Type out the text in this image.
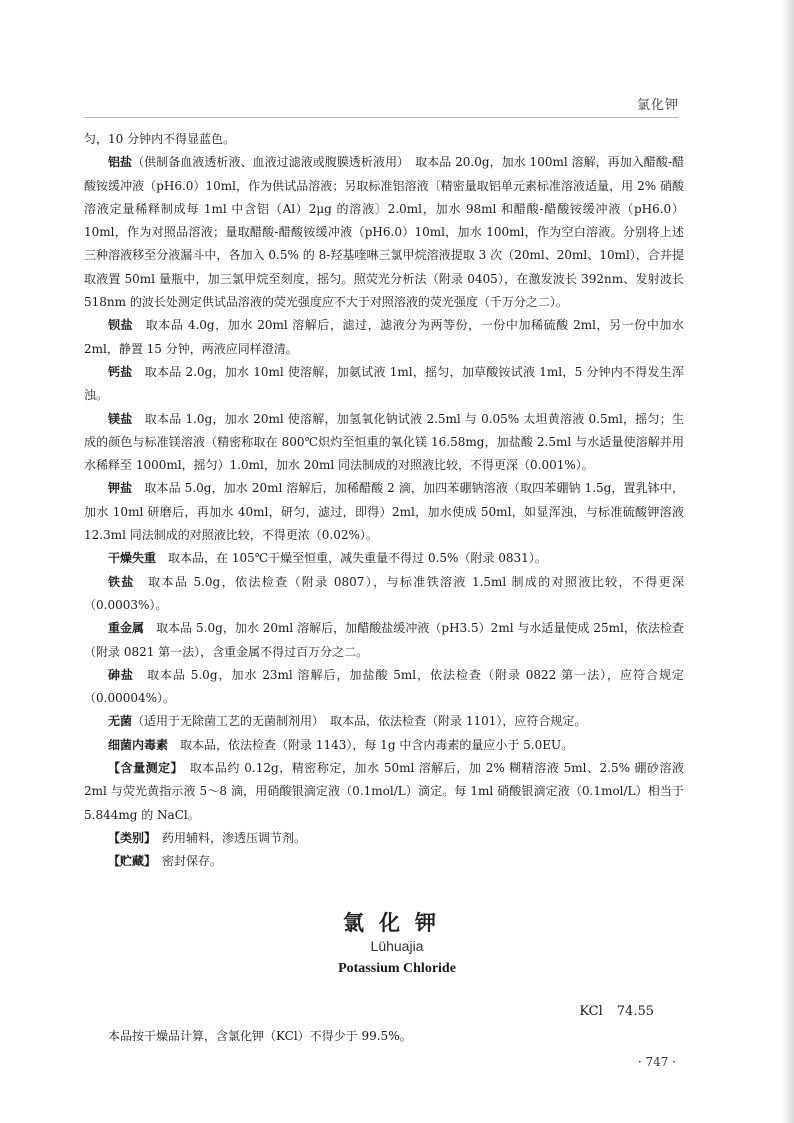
氯化钾

匀，10 分钟内不得显蓝色。

铝盐（供制备血液透析液、血液过滤液或腹膜透析液用）　取本品 20.0g，加水 100ml 溶解，再加入醋酸-醋酸铵缓冲液（pH6.0）10ml，作为供试品溶液；另取标准铝溶液〔精密量取铝单元素标准溶液适量，用 2% 硝酸溶液定量稀释制成每 1ml 中含铝（Al）2μg 的溶液〕2.0ml，加水 98ml 和醋酸-醋酸铵缓冲液（pH6.0）10ml，作为对照品溶液；量取醋酸-醋酸铵缓冲液（pH6.0）10ml，加水 100ml，作为空白溶液。分别将上述三种溶液移至分液漏斗中，各加入 0.5% 的 8-羟基喹啉三氯甲烷溶液提取 3 次（20ml、20ml、10ml），合并提取液置 50ml 量瓶中，加三氯甲烷至刻度，摇匀。照荧光分析法（附录 0405），在激发波长 392nm、发射波长 518nm 的波长处测定供试品溶液的荧光强度应不大于对照溶液的荧光强度（千万分之二）。

钡盐　取本品 4.0g，加水 20ml 溶解后，滤过，滤液分为两等份，一份中加稀硫酸 2ml，另一份中加水 2ml，静置 15 分钟，两液应同样澄清。

钙盐　取本品 2.0g，加水 10ml 使溶解，加氨试液 1ml，摇匀，加草酸铵试液 1ml，5 分钟内不得发生浑浊。

镁盐　取本品 1.0g，加水 20ml 使溶解，加氢氧化钠试液 2.5ml 与 0.05% 太坦黄溶液 0.5ml，摇匀；生成的颜色与标准镁溶液（精密称取在 800℃炽灼至恒重的氧化镁 16.58mg，加盐酸 2.5ml 与水适量使溶解并用水稀释至 1000ml，摇匀）1.0ml，加水 20ml 同法制成的对照液比较，不得更深（0.001%）。

钾盐　取本品 5.0g，加水 20ml 溶解后，加稀醋酸 2 滴，加四苯硼钠溶液（取四苯硼钠 1.5g，置乳钵中，加水 10ml 研磨后，再加水 40ml，研匀，滤过，即得）2ml，加水使成 50ml，如显浑浊，与标准硫酸钾溶液 12.3ml 同法制成的对照液比较，不得更浓（0.02%）。

干燥失重　取本品，在 105℃干燥至恒重，减失重量不得过 0.5%（附录 0831）。

铁盐　取本品 5.0g，依法检查（附录 0807），与标准铁溶液 1.5ml 制成的对照液比较，不得更深（0.0003%）。

重金属　取本品 5.0g，加水 20ml 溶解后，加醋酸盐缓冲液（pH3.5）2ml 与水适量使成 25ml，依法检查（附录 0821 第一法），含重金属不得过百万分之二。

砷盐　取本品 5.0g，加水 23ml 溶解后，加盐酸 5ml，依法检查（附录 0822 第一法），应符合规定（0.00004%）。

无菌（适用于无除菌工艺的无菌制剂用）　取本品，依法检查（附录 1101），应符合规定。

细菌内毒素　取本品，依法检查（附录 1143），每 1g 中含内毒素的量应小于 5.0EU。

【含量测定】　取本品约 0.12g，精密称定，加水 50ml 溶解后，加 2% 糊精溶液 5ml、2.5% 硼砂溶液 2ml 与荧光黄指示液 5～8 滴，用硝酸银滴定液（0.1mol/L）滴定。每 1ml 硝酸银滴定液（0.1mol/L）相当于 5.844mg 的 NaCl。

【类别】　药用辅料，渗透压调节剂。

【贮藏】　密封保存。

氯化钾
Lühuajia
Potassium Chloride
KCl 74.55
本品按干燥品计算，含氯化钾（KCl）不得少于 99.5%。
· 747 ·
